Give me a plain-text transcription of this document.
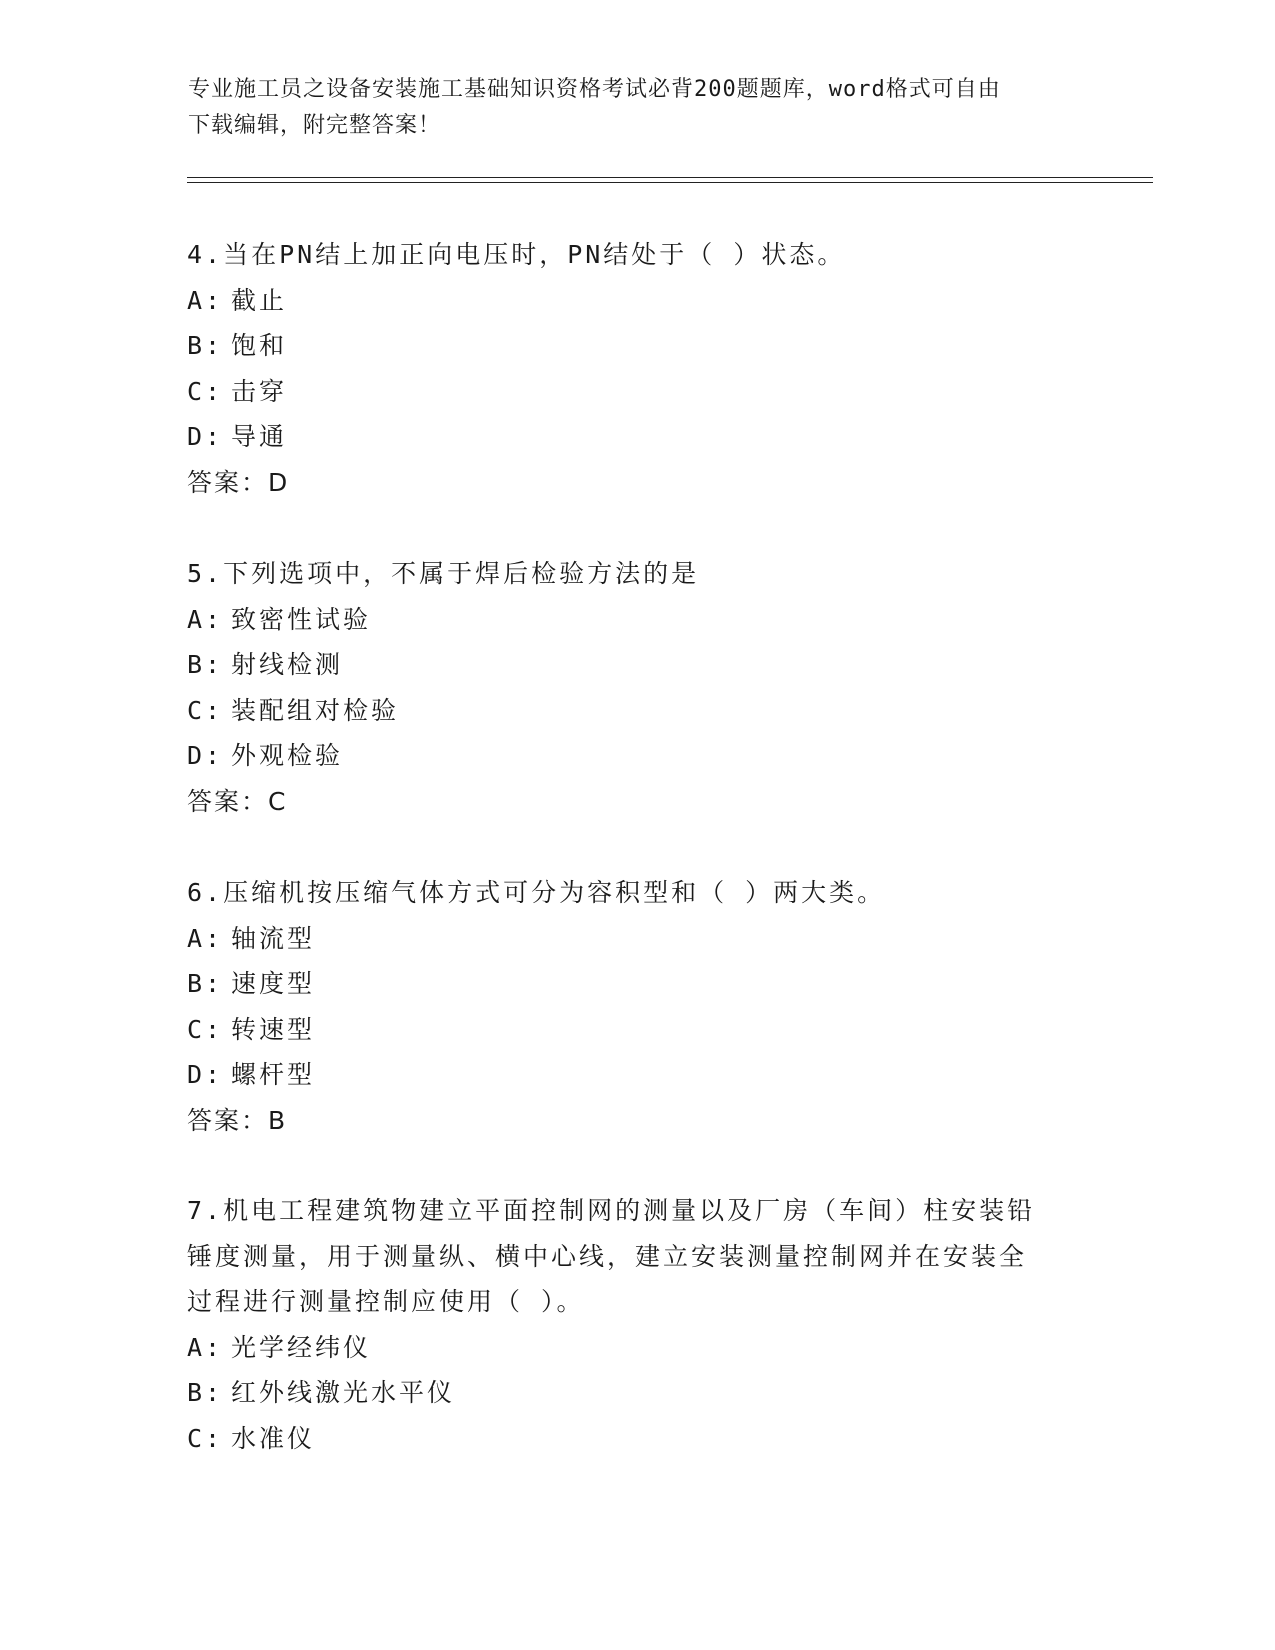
专业施工员之设备安装施工基础知识资格考试必背200题题库，word格式可自由
下载编辑，附完整答案！
4.当在PN结上加正向电压时，PN结处于（ ）状态。
A: 截止
B: 饱和
C: 击穿
D: 导通
答案：D
5.下列选项中，不属于焊后检验方法的是
A: 致密性试验
B: 射线检测
C: 装配组对检验
D: 外观检验
答案：C
6.压缩机按压缩气体方式可分为容积型和（ ）两大类。
A: 轴流型
B: 速度型
C: 转速型
D: 螺杆型
答案：B
7.机电工程建筑物建立平面控制网的测量以及厂房（车间）柱安装铅
锤度测量，用于测量纵、横中心线，建立安装测量控制网并在安装全
过程进行测量控制应使用（ ）。
A: 光学经纬仪
B: 红外线激光水平仪
C: 水准仪
